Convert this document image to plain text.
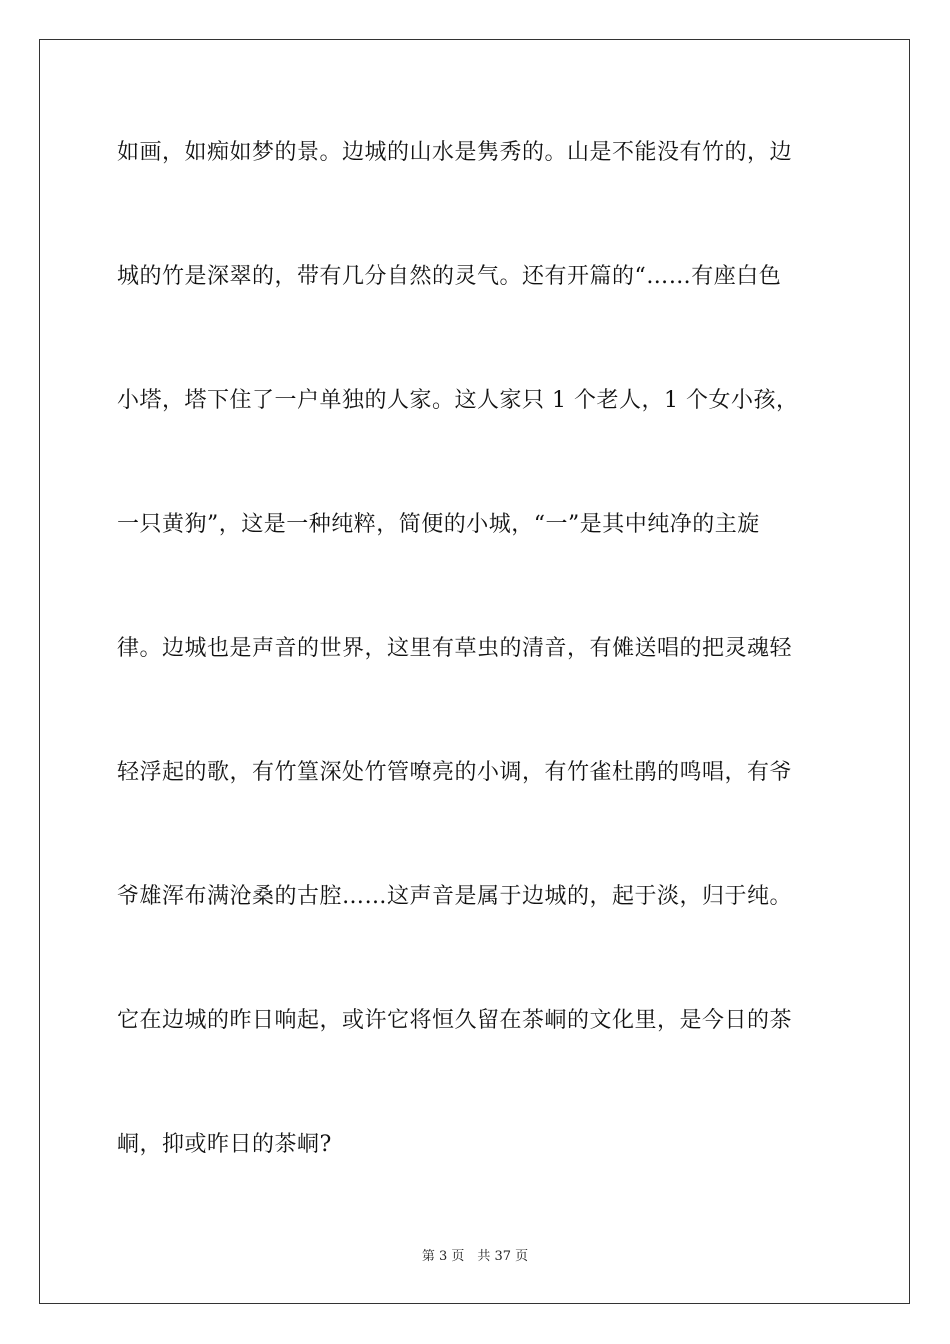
如画，如痴如梦的景。边城的山水是隽秀的。山是不能没有竹的，边
城的竹是深翠的，带有几分自然的灵气。还有开篇的“……有座白色
小塔，塔下住了一户单独的人家。这人家只 1 个老人，1 个女小孩，
一只黄狗”，这是一种纯粹，简便的小城，“一”是其中纯净的主旋
律。边城也是声音的世界，这里有草虫的清音，有傩送唱的把灵魂轻
轻浮起的歌，有竹篁深处竹管嘹亮的小调，有竹雀杜鹃的鸣唱，有爷
爷雄浑布满沧桑的古腔……这声音是属于边城的，起于淡，归于纯。
它在边城的昨日响起，或许它将恒久留在茶峒的文化里，是今日的茶
峒，抑或昨日的茶峒?
第 3 页　共 37 页
